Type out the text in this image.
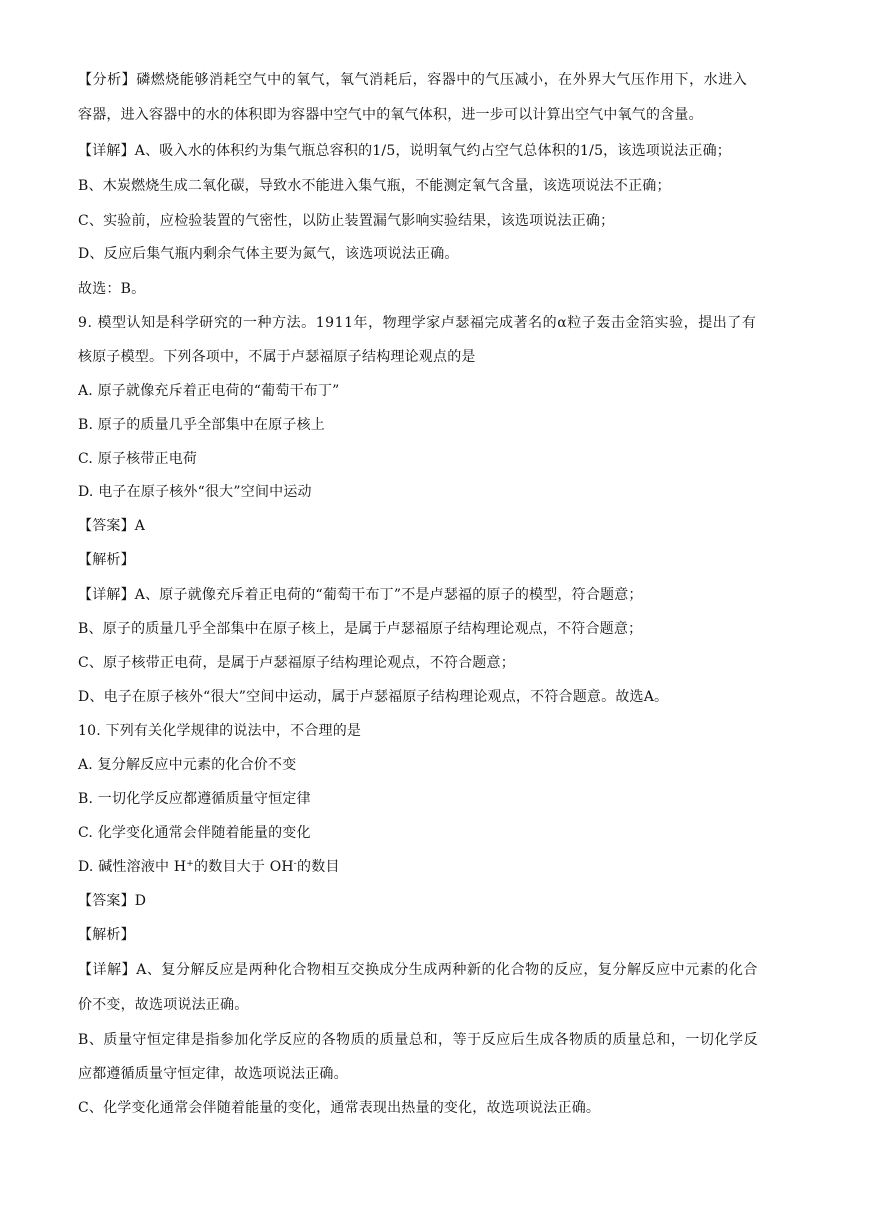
【分析】磷燃烧能够消耗空气中的氧气，氧气消耗后，容器中的气压减小，在外界大气压作用下，水进入
容器，进入容器中的水的体积即为容器中空气中的氧气体积，进一步可以计算出空气中氧气的含量。
【详解】A、吸入水的体积约为集气瓶总容积的1/5，说明氧气约占空气总体积的1/5，该选项说法正确；
B、木炭燃烧生成二氧化碳，导致水不能进入集气瓶，不能测定氧气含量，该选项说法不正确；
C、实验前，应检验装置的气密性，以防止装置漏气影响实验结果，该选项说法正确；
D、反应后集气瓶内剩余气体主要为氮气，该选项说法正确。
故选：B。
9. 模型认知是科学研究的一种方法。1911年，物理学家卢瑟福完成著名的α粒子轰击金箔实验，提出了有
核原子模型。下列各项中，不属于卢瑟福原子结构理论观点的是
A. 原子就像充斥着正电荷的“葡萄干布丁”
B. 原子的质量几乎全部集中在原子核上
C. 原子核带正电荷
D. 电子在原子核外“很大”空间中运动
【答案】A
【解析】
【详解】A、原子就像充斥着正电荷的“葡萄干布丁”不是卢瑟福的原子的模型，符合题意；
B、原子的质量几乎全部集中在原子核上，是属于卢瑟福原子结构理论观点，不符合题意；
C、原子核带正电荷，是属于卢瑟福原子结构理论观点，不符合题意；
D、电子在原子核外“很大”空间中运动，属于卢瑟福原子结构理论观点，不符合题意。故选A。
10. 下列有关化学规律的说法中，不合理的是
A. 复分解反应中元素的化合价不变
B. 一切化学反应都遵循质量守恒定律
C. 化学变化通常会伴随着能量的变化
D. 碱性溶液中 H+的数目大于 OH-的数目
【答案】D
【解析】
【详解】A、复分解反应是两种化合物相互交换成分生成两种新的化合物的反应，复分解反应中元素的化合
价不变，故选项说法正确。
B、质量守恒定律是指参加化学反应的各物质的质量总和，等于反应后生成各物质的质量总和，一切化学反
应都遵循质量守恒定律，故选项说法正确。
C、化学变化通常会伴随着能量的变化，通常表现出热量的变化，故选项说法正确。
